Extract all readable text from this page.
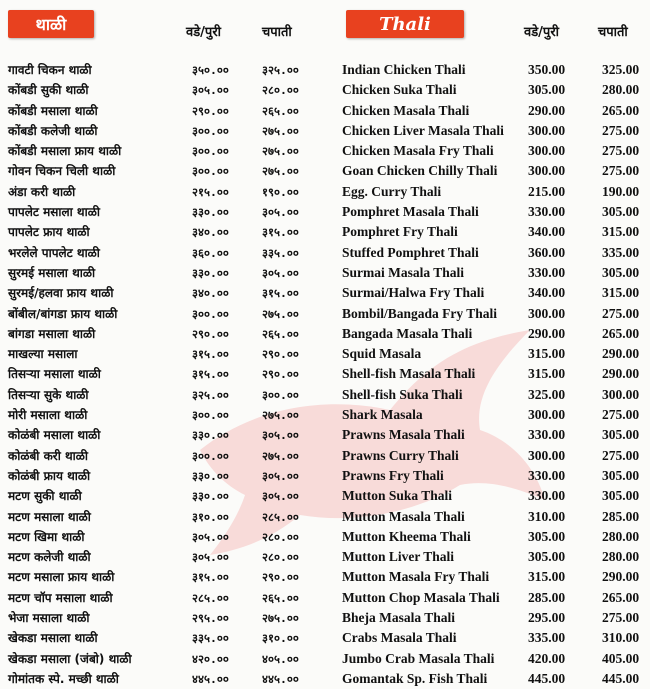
थाळी	वडे/पुरी	चपाती
गावटी चिकन थाळी	३५०.००	३२५.००
कोंबडी सुकी थाळी	३०५.००	२८०.००
कोंबडी मसाला थाळी	२९०.००	२६५.००
कोंबडी कलेजी थाळी	३००.००	२७५.००
कोंबडी मसाला फ्राय थाळी	३००.००	२७५.००
गोवन चिकन चिली थाळी	३००.००	२७५.००
अंडा करी थाळी	२१५.००	१९०.००
पापलेट मसाला थाळी	३३०.००	३०५.००
पापलेट फ्राय थाळी	३४०.००	३१५.००
भरलेले पापलेट थाळी	३६०.००	३३५.००
सुरमई मसाला थाळी	३३०.००	३०५.००
सुरमई/हलवा फ्राय थाळी	३४०.००	३१५.००
बोंबील/बांगडा फ्राय थाळी	३००.००	२७५.००
बांगडा मसाला थाळी	२९०.००	२६५.००
माखल्या मसाला	३१५.००	२९०.००
तिसऱ्या मसाला थाळी	३१५.००	२९०.००
तिसऱ्या सुके थाळी	३२५.००	३००.००
मोरी मसाला थाळी	३००.००	२७५.००
कोळंबी मसाला थाळी	३३०.००	३०५.००
कोळंबी करी थाळी	३००.००	२७५.००
कोळंबी फ्राय थाळी	३३०.००	३०५.००
मटण सुकी थाळी	३३०.००	३०५.००
मटण मसाला थाळी	३१०.००	२८५.००
मटण खिमा थाळी	३०५.००	२८०.००
मटण कलेजी थाळी	३०५.००	२८०.००
मटण मसाला फ्राय थाळी	३१५.००	२९०.००
मटण चॉप मसाला थाळी	२८५.००	२६५.००
भेजा मसाला थाळी	२९५.००	२७५.००
खेकडा मसाला थाळी	३३५.००	३१०.००
खेकडा मसाला (जंबो) थाळी	४२०.००	४०५.००
गोमांतक स्पे. मच्छी थाळी	४४५.००	४४५.००
Thali	वडे/पुरी	चपाती
Indian Chicken Thali	350.00	325.00
Chicken Suka Thali	305.00	280.00
Chicken Masala Thali	290.00	265.00
Chicken Liver Masala Thali 300.00	275.00
Chicken Masala Fry Thali	300.00	275.00
Goan Chicken Chilly Thali 300.00	275.00
Egg. Curry Thali	215.00	190.00
Pomphret Masala Thali	330.00	305.00
Pomphret Fry Thali	340.00	315.00
Stuffed Pomphret Thali	360.00	335.00
Surmai Masala Thali	330.00	305.00
Surmai/Halwa Fry Thali	340.00	315.00
Bombil/Bangada Fry Thali 300.00	275.00
Bangada Masala Thali	290.00	265.00
Squid Masala	315.00	290.00
Shell-fish Masala Thali	315.00	290.00
Shell-fish Suka Thali	325.00	300.00
Shark Masala	300.00	275.00
Prawns Masala Thali	330.00	305.00
Prawns Curry Thali	300.00	275.00
Prawns Fry Thali	330.00	305.00
Mutton Suka Thali	330.00	305.00
Mutton Masala Thali	310.00	285.00
Mutton Kheema Thali	305.00	280.00
Mutton Liver Thali	305.00	280.00
Mutton Masala Fry Thali	315.00	290.00
Mutton Chop Masala Thali 285.00	265.00
Bheja Masala Thali	295.00	275.00
Crabs Masala Thali	335.00	310.00
Jumbo Crab Masala Thali 420.00	405.00
Gomantak Sp. Fish Thali	445.00	445.00
